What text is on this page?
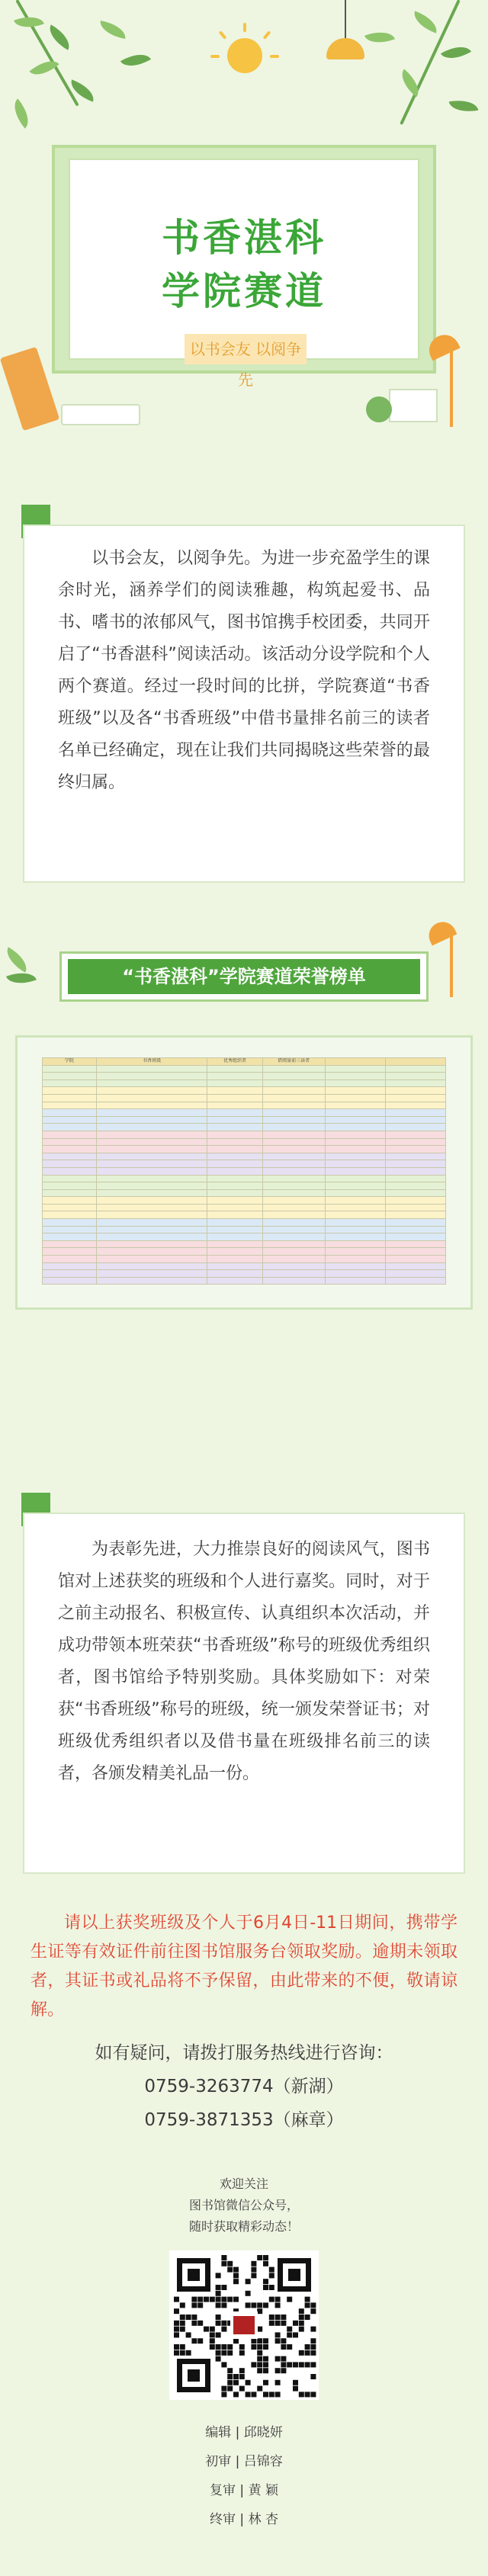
书香湛科
学院赛道
以书会友 以阅争先
以书会友，以阅争先。为进一步充盈学生的课余时光，涵养学们的阅读雅趣，构筑起爱书、品书、嗜书的浓郁风气，图书馆携手校团委，共同开启了“书香湛科”阅读活动。该活动分设学院和个人两个赛道。经过一段时间的比拼，学院赛道“书香班级”以及各“书香班级”中借书量排名前三的读者名单已经确定，现在让我们共同揭晓这些荣誉的最终归属。
“书香湛科”学院赛道荣誉榜单
学院	书香班级	优秀组织者	借阅量前三读者		

为表彰先进，大力推崇良好的阅读风气，图书馆对上述获奖的班级和个人进行嘉奖。同时，对于之前主动报名、积极宣传、认真组织本次活动，并成功带领本班荣获“书香班级”称号的班级优秀组织者，图书馆给予特别奖励。具体奖励如下：对荣获“书香班级”称号的班级，统一颁发荣誉证书；对班级优秀组织者以及借书量在班级排名前三的读者，各颁发精美礼品一份。
请以上获奖班级及个人于6月4日-11日期间，携带学生证等有效证件前往图书馆服务台领取奖励。逾期未领取者，其证书或礼品将不予保留，由此带来的不便，敬请谅解。
如有疑问，请拨打服务热线进行咨询：
0759-3263774（新湖）
0759-3871353（麻章）
欢迎关注
图书馆微信公众号，
随时获取精彩动态！
编辑 | 邱晓妍
初审 | 吕锦容
复审 | 黄 颖
终审 | 林 杏
